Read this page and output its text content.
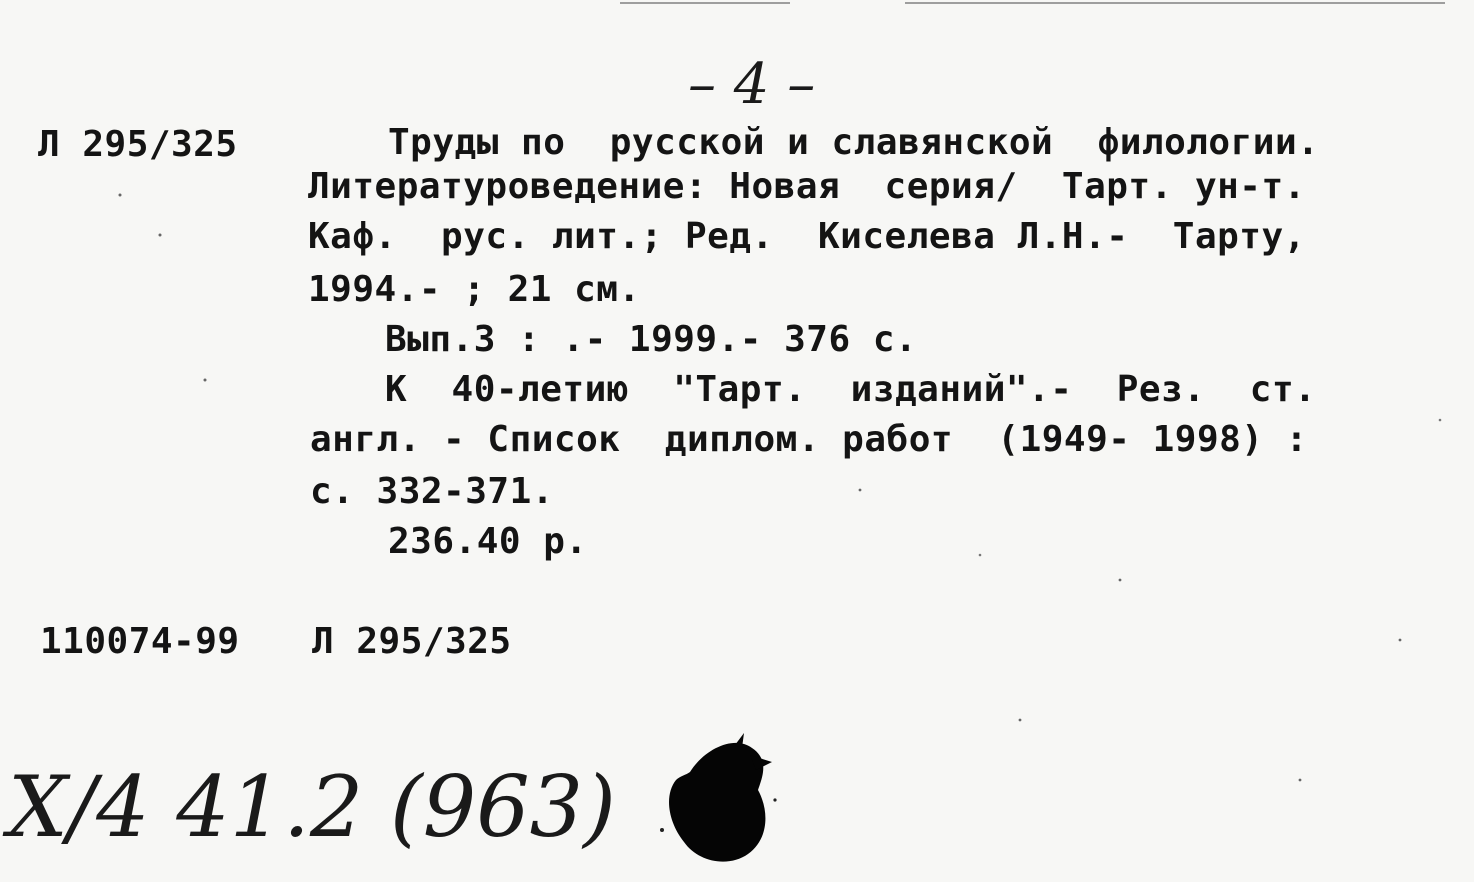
– 4 –
Л 295/325	Труды по  русской и славянской  филологии.
Литературоведение: Новая  серия/  Тарт. ун-т.
Каф.  рус. лит.; Ред.  Киселева Л.Н.-  Тарту,
1994.- ; 21 см.
Вып.3 : .- 1999.- 376 с.
К  40-летию  "Тарт.  изданий".-  Рез.  ст.
англ. - Список  диплом. работ  (1949- 1998) :
с. 332-371.
236.40 р.
110074-99 Л 295/325
Х/4 41.2 (963)
